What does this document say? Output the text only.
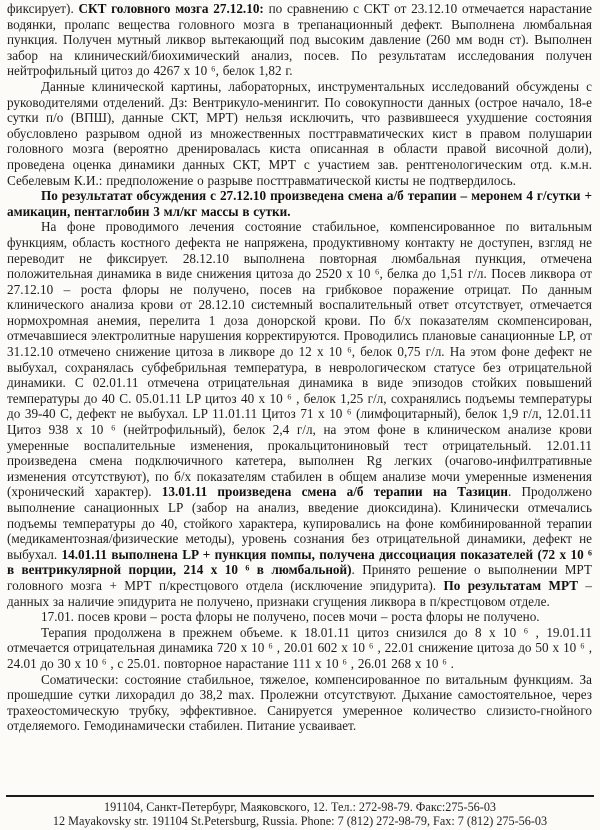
фиксирует). СКТ головного мозга 27.12.10: по сравнению с СКТ от 23.12.10 отмечается нарастание водянки, пролапс вещества головного мозга в трепанационный дефект. Выполнена люмбальная пункция. Получен мутный ликвор вытекающий под высоким давление (260 мм водн ст). Выполнен забор на клинический/биохимический анализ, посев. По результатам исследования получен нейтрофильный цитоз до 4267 x 10 ⁶, белок 1,82 г.

Данные клинической картины, лабораторных, инструментальных исследований обсуждены с руководителями отделений. Дз: Вентрикуло-менингит. По совокупности данных (острое начало, 18-е сутки п/о (ВПШ), данные СКТ, МРТ) нельзя исключить, что развившееся ухудшение состояния обусловлено разрывом одной из множественных посттравматических кист в правом полушарии головного мозга (вероятно дренировалась киста описанная в области правой височной доли), проведена оценка динамики данных СКТ, МРТ с участием зав. рентгенологическим отд. к.м.н. Себелевым К.И.: предположение о разрыве посттравматической кисты не подтвердилось.

По результатат обсуждения с 27.12.10 произведена смена а/б терапии – меронем 4 г/сутки + амикацин, пентаглобин 3 мл/кг массы в сутки.

На фоне проводимого лечения состояние стабильное, компенсированное по витальным функциям, область костного дефекта не напряжена, продуктивному контакту не доступен, взгляд не переводит не фиксирует. 28.12.10 выполнена повторная люмбальная пункция, отмечена положительная динамика в виде снижения цитоза до 2520 x 10 ⁶, белка до 1,51 г/л. Посев ликвора от 27.12.10 – роста флоры не получено, посев на грибковое поражение отрицат. По данным клинического анализа крови от 28.12.10 системный воспалительный ответ отсутствует, отмечается нормохромная анемия, перелита 1 доза донорской крови. По б/х показателям скомпенсирован, отмечавшиеся электролитные нарушения корректируются. Проводились плановые санационные LP, от 31.12.10 отмечено снижение цитоза в ликворе до 12 x 10 ⁶, белок 0,75 г/л. На этом фоне дефект не выбухал, сохранялась субфебрильная температура, в неврологическом статусе без отрицательной динамики. С 02.01.11 отмечена отрицательная динамика в виде эпизодов стойких повышений температуры до 40 С. 05.01.11 LP цитоз 40 x 10 ⁶ , белок 1,25 г/л, сохранялись подъемы температуры до 39-40 С, дефект не выбухал. LP 11.01.11 Цитоз 71 x 10 ⁶ (лимфоцитарный), белок 1,9 г/л, 12.01.11 Цитоз 938 x 10 ⁶ (нейтрофильный), белок 2,4 г/л, на этом фоне в клиническом анализе крови умеренные воспалительные изменения, прокальцитониновый тест отрицательный. 12.01.11 произведена смена подключичного катетера, выполнен Rg легких (очагово-инфилтративные изменения отсутствуют), по б/х показателям стабилен в общем анализе мочи умеренные изменения (хронический характер). 13.01.11 произведена смена а/б терапии на Тазицин. Продолжено выполнение санационных LP (забор на анализ, введение диоксидина). Клинически отмечались подъемы температуры до 40, стойкого характера, купировались на фоне комбинированной терапии (медикаментозная/физические методы), уровень сознания без отрицательной динамики, дефект не выбухал. 14.01.11 выполнена LP + пункция помпы, получена диссоциация показателей (72 x 10 ⁶ в вентрикулярной порции, 214 x 10 ⁶ в люмбальной). Принято решение о выполнении МРТ головного мозга + МРТ п/крестцового отдела (исключение эпидурита). По результатам МРТ – данных за наличие эпидурита не получено, признаки сгущения ликвора в п/крестцовом отделе.

17.01. посев крови – роста флоры не получено, посев мочи – роста флоры не получено.

Терапия продолжена в прежнем объеме. к 18.01.11 цитоз снизился до 8 x 10 ⁶ , 19.01.11 отмечается отрицательная динамика 720 x 10 ⁶ , 20.01 602 x 10 ⁶ , 22.01 снижение цитоза до 50 x 10 ⁶ , 24.01 до 30 x 10 ⁶ , с 25.01. повторное нарастание 111 x 10 ⁶ , 26.01 268 x 10 ⁶ .

Соматически: состояние стабильное, тяжелое, компенсированное по витальным функциям. За прошедшие сутки лихорадил до 38,2 max. Пролежни отсутствуют. Дыхание самостоятельное, через трахеостомическую трубку, эффективное. Санируется умеренное количество слизисто-гнойного отделяемого. Гемодинамически стабилен. Питание усваивает.

191104, Санкт-Петербург, Маяковского, 12. Тел.: 272-98-79. Факс:275-56-03
12 Mayakovsky str. 191104 St.Petersburg, Russia. Phone: 7 (812) 272-98-79, Fax: 7 (812) 275-56-03
